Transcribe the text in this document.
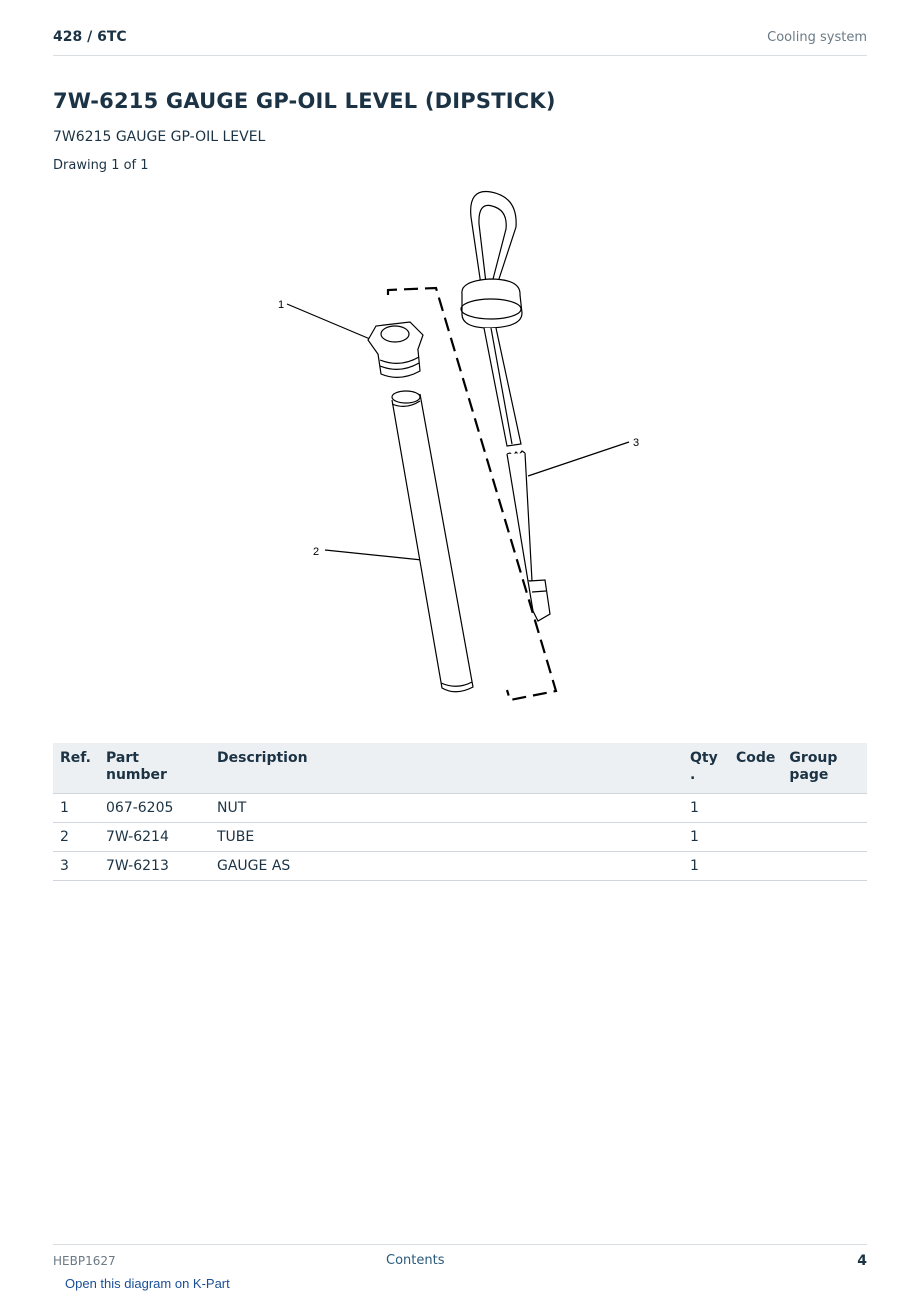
428 / 6TC	Cooling system
7W-6215 GAUGE GP-OIL LEVEL (DIPSTICK)
7W6215 GAUGE GP-OIL LEVEL
Drawing 1 of 1
1
2
3
Ref.	Part number	Description	Qty .	Code	Group page
1	067-6205	NUT	1		
2	7W-6214	TUBE	1		
3	7W-6213	GAUGE AS	1		
HEBP1627	Contents	4
Open this diagram on K-Part
